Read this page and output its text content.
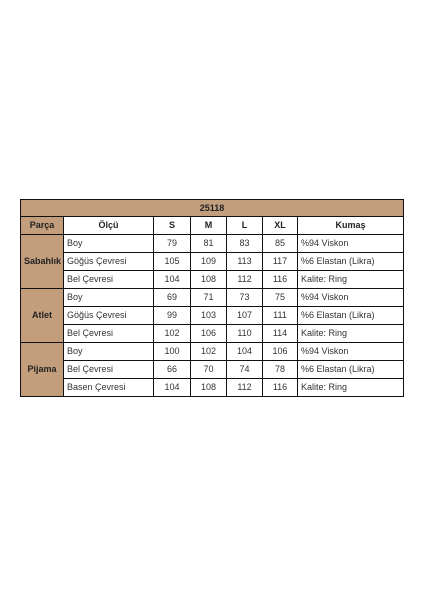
25118						
Parça	Ölçü	S	M	L	XL	Kumaş
Sabahlık	Boy	79	81	83	85	%94 Viskon
	Göğüs Çevresi	105	109	113	117	%6 Elastan (Likra)
	Bel Çevresi	104	108	112	116	Kalite: Ring
Atlet	Boy	69	71	73	75	%94 Viskon
	Göğüs Çevresi	99	103	107	111	%6 Elastan (Likra)
	Bel Çevresi	102	106	110	114	Kalite: Ring
Pijama	Boy	100	102	104	106	%94 Viskon
	Bel Çevresi	66	70	74	78	%6 Elastan (Likra)
	Basen Çevresi	104	108	112	116	Kalite: Ring
